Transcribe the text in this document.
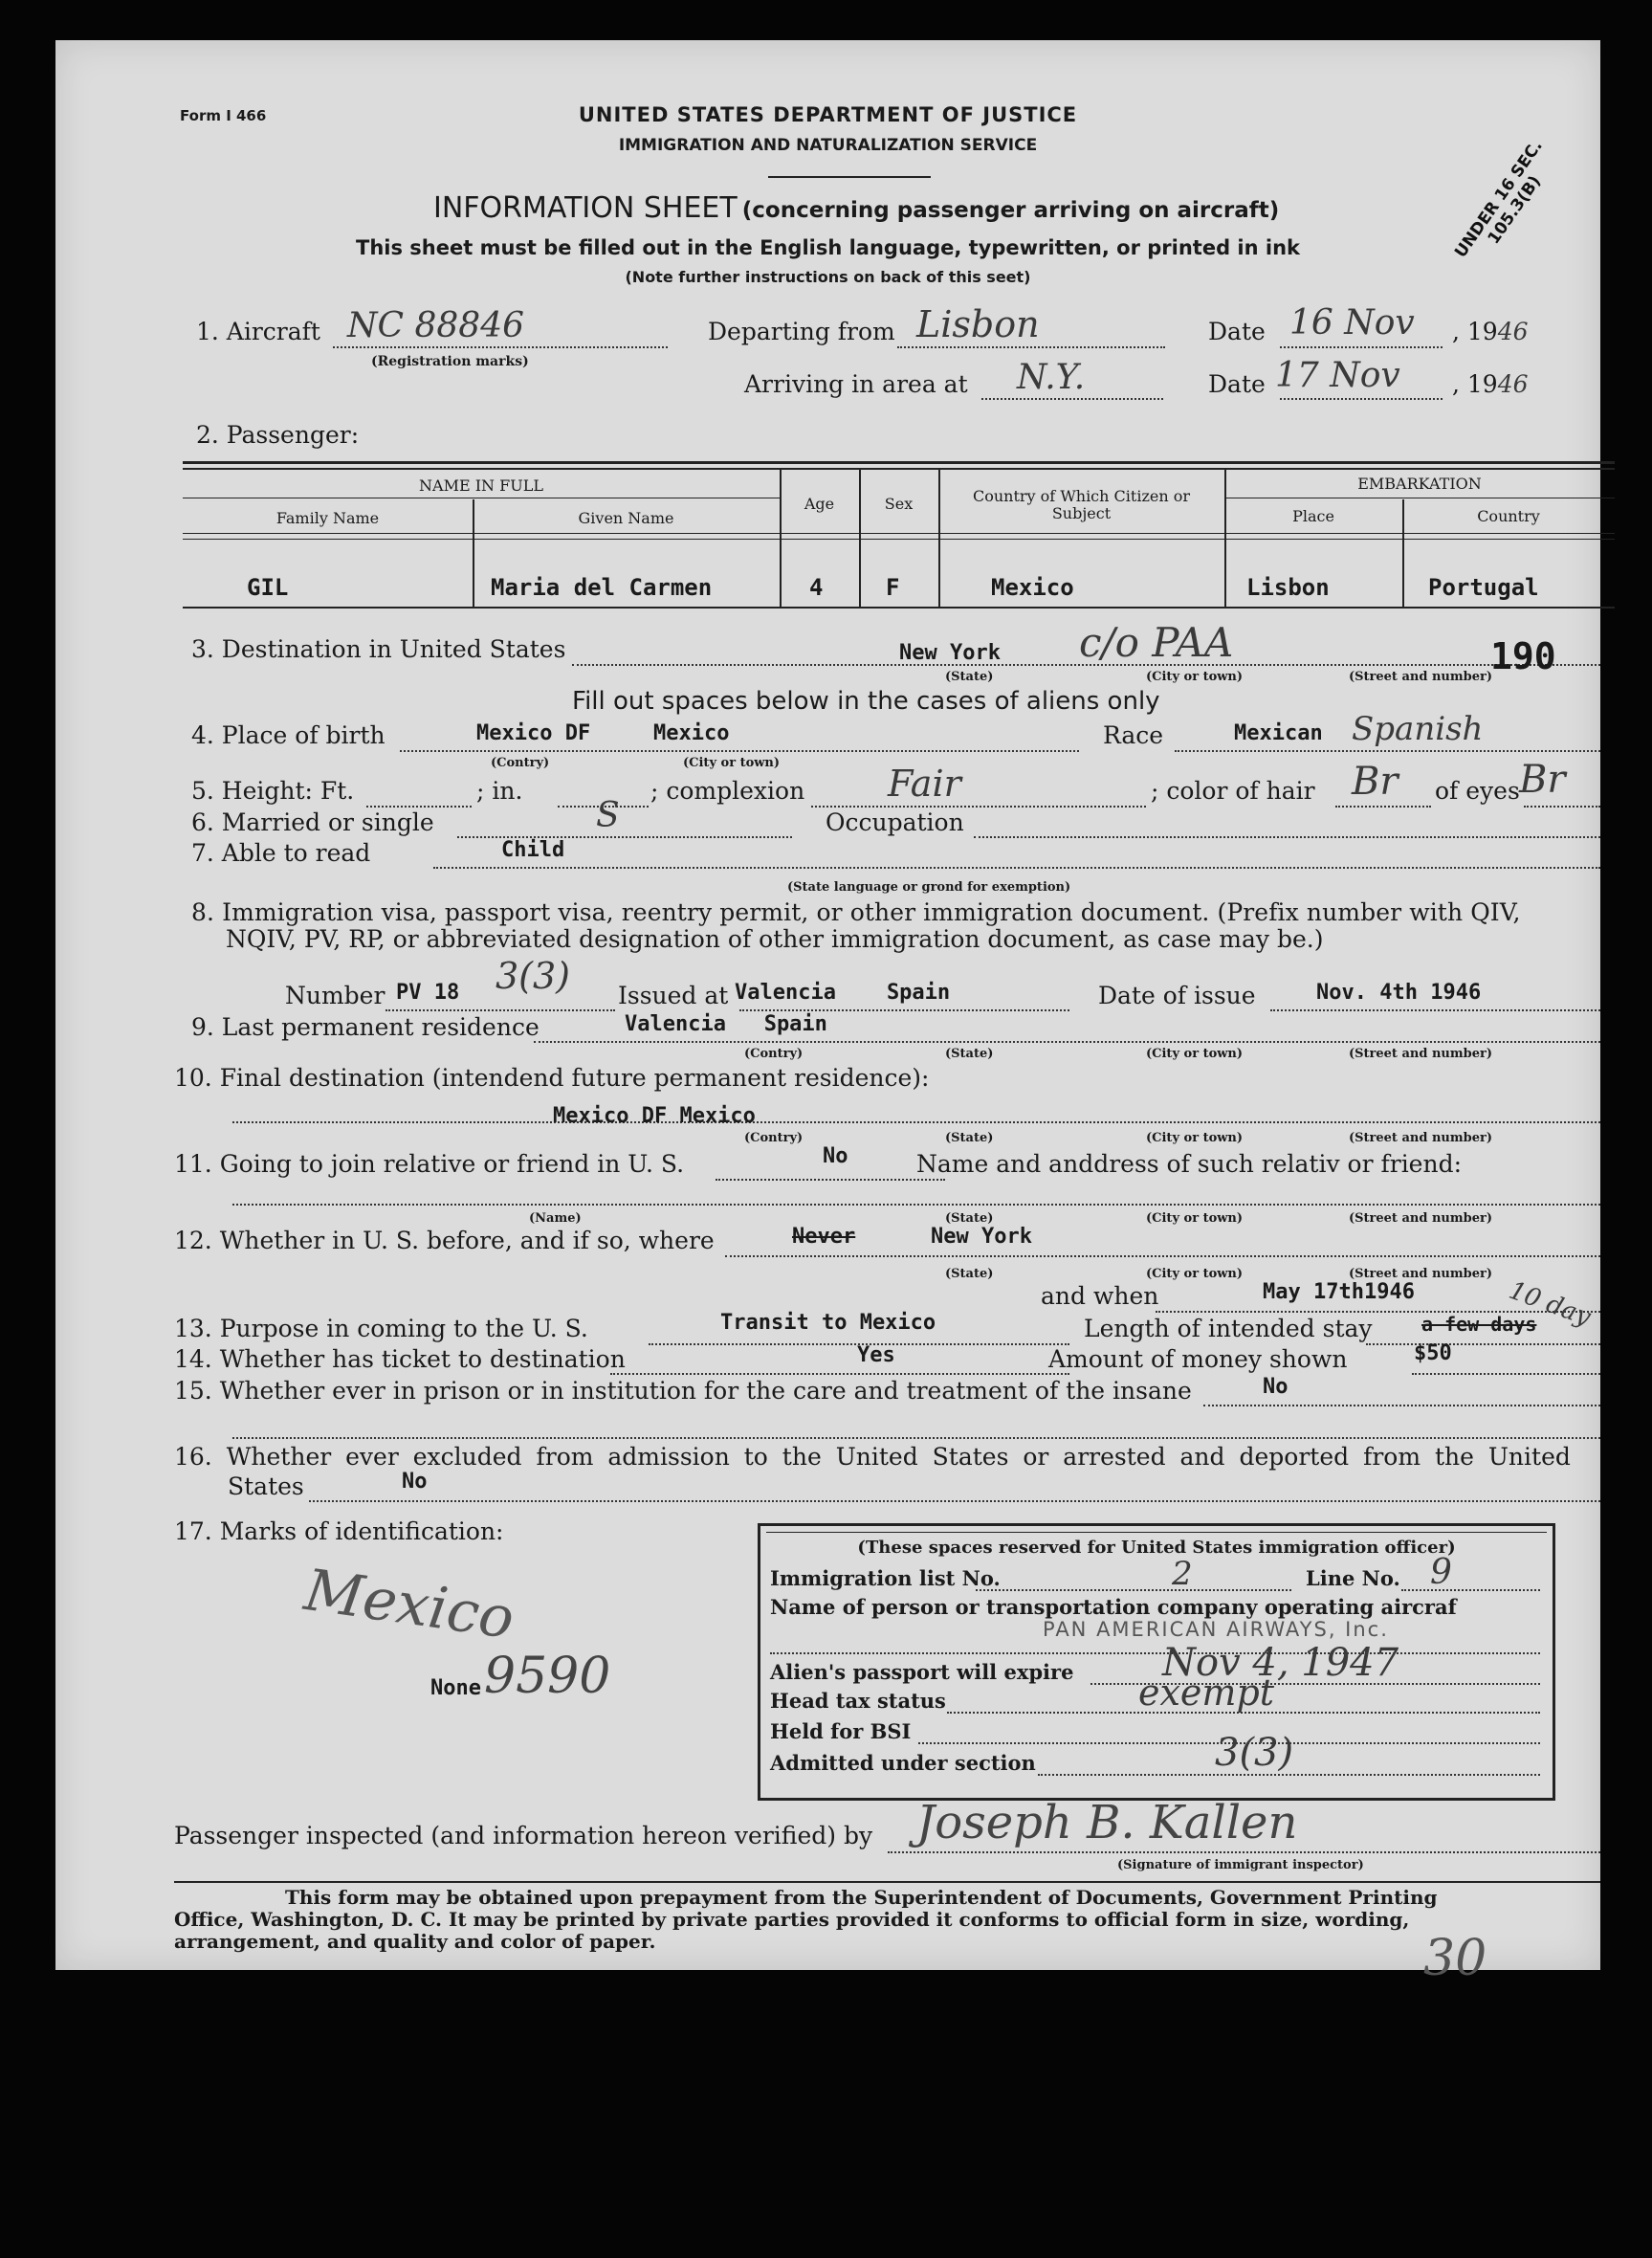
Form I 466	UNITED STATES DEPARTMENT OF JUSTICE
IMMIGRATION AND NATURALIZATION SERVICE
INFORMATION SHEET (concerning passenger arriving on aircraft)
This sheet must be filled out in the English language, typewritten, or printed in ink
(Note further instructions on back of this seet)
UNDER 16 SEC. 105.3(B)
1. Aircraft NC 88846
(Registration marks)
Departing from Lisbon	Date 16 Nov , 1946
Arriving in area at N.Y.	Date 17 Nov , 1946
2. Passenger:
NAME IN FULL
Family Name	Given Name
Age	Sex	Country of Which Citizen or Subject
EMBARKATION
Place	Country
GIL	Maria del Carmen	4	F	Mexico	Lisbon	Portugal
3. Destination in United States	New York c/o PAA	190
(State)	(City or town)	(Street and number)
Fill out spaces below in the cases of aliens only
4. Place of birth	Mexico DF	Mexico	Race	Mexican Spanish
(Contry)	(City or town)
5. Height: Ft.	; in.	; complexion Fair	; color of hair Br of eyes Br
6. Married or single	S	Occupation
7. Able to read	Child
(State language or grond for exemption)
8. Immigration visa, passport visa, reentry permit, or other immigration document. (Prefix number with QIV,
NQIV, PV, RP, or abbreviated designation of other immigration document, as case may be.)
Number PV 18 3(3) Issued at Valencia    Spain	Date of issue	Nov. 4th 1946
9. Last permanent residence	Valencia   Spain
(Contry)	(State)	(City or town)	(Street and number)
10. Final destination (intendend future permanent residence):
Mexico DF Mexico
(Contry)	(State)	(City or town)	(Street and number)
11. Going to join relative or friend in U. S.	No	Name and anddress of such relativ or friend:
(Name)	(State)	(City or town)	(Street and number)
12. Whether in U. S. before, and if so, where	Never	New York
(State)	(City or town)	(Street and number)
and when	May 17th1946
13. Purpose in coming to the U. S.	Transit to Mexico	Length of intended stay	a few days
10 day
14. Whether has ticket to destination	Yes	Amount of money shown	$50
15. Whether ever in prison or in institution for the care and treatment of the insane	No
16. Whether ever excluded from admission to the United States or arrested and deported from the United
States	No
17. Marks of identification:
Mexico
None 9590
(These spaces reserved for United States immigration officer)
Immigration list No.	2	Line No. 9
Name of person or transportation company operating aircraf
PAN AMERICAN AIRWAYS, Inc.
Alien's passport will expire Nov 4, 1947
Head tax status	exempt
Held for BSI
Admitted under section	3(3)
Passenger inspected (and information hereon verified) by Joseph B. Kallen
(Signature of immigrant inspector)
This form may be obtained upon prepayment from the Superintendent of Documents, Government Printing
Office, Washington, D. C. It may be printed by private parties provided it conforms to official form in size, wording,
arrangement, and quality and color of paper.	30
